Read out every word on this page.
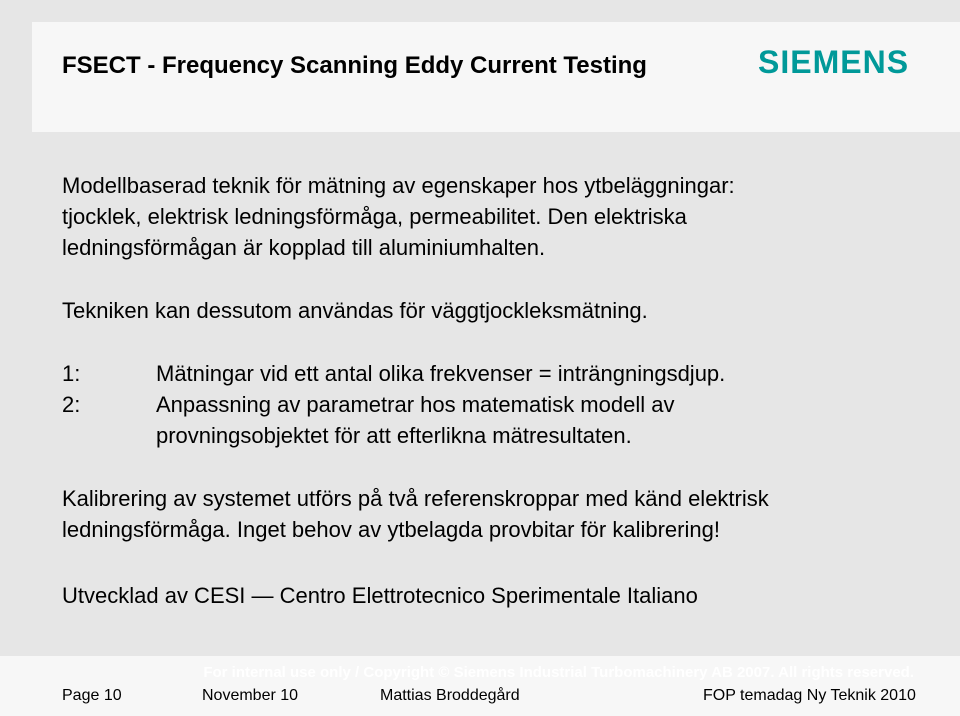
FSECT - Frequency Scanning Eddy Current Testing	SIEMENS
Modellbaserad teknik för mätning av egenskaper hos ytbeläggningar:
tjocklek, elektrisk ledningsförmåga, permeabilitet. Den elektriska
ledningsförmågan är kopplad till aluminiumhalten.
Tekniken kan dessutom användas för väggtjockleksmätning.
1:	Mätningar vid ett antal olika frekvenser = inträngningsdjup.
2:	Anpassning av parametrar hos matematisk modell av
provningsobjektet för att efterlikna mätresultaten.
Kalibrering av systemet utförs på två referenskroppar med känd elektrisk
ledningsförmåga. Inget behov av ytbelagda provbitar för kalibrering!
Utvecklad av CESI — Centro Elettrotecnico Sperimentale Italiano
For internal use only / Copyright © Siemens Industrial Turbomachinery AB 2007. All rights reserved.
Page 10	November 10	Mattias Broddegård	FOP temadag Ny Teknik 2010
